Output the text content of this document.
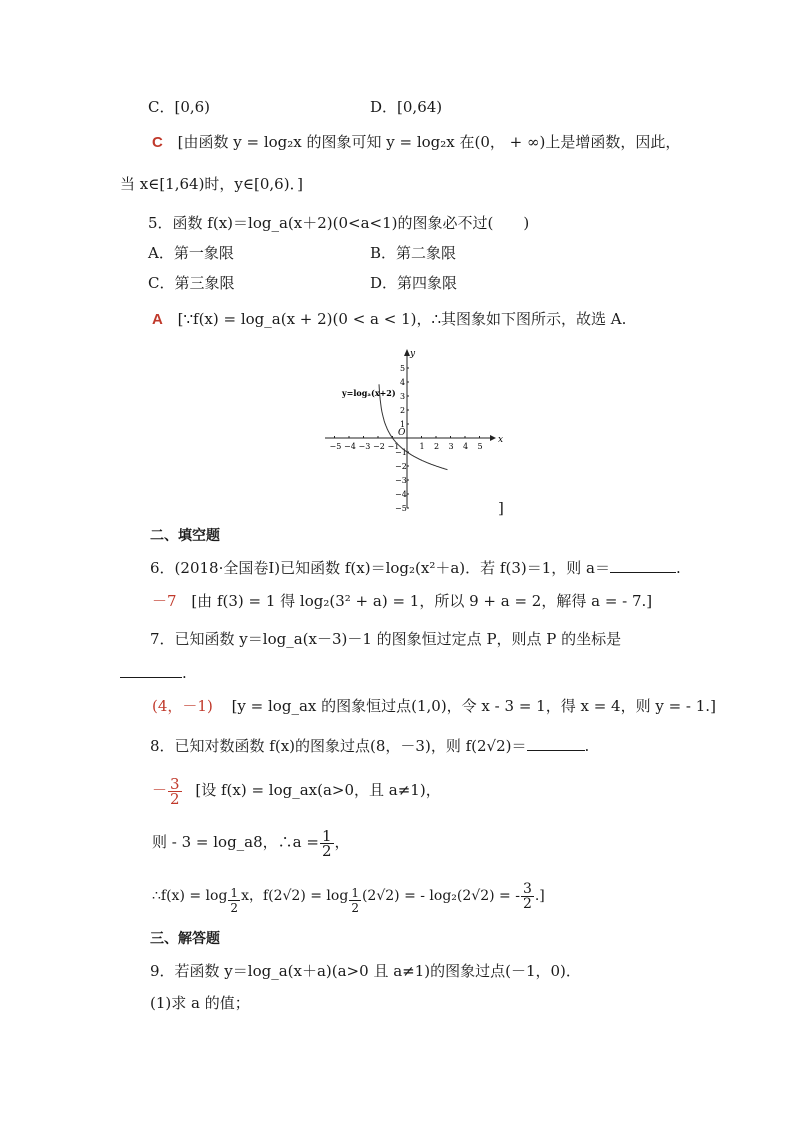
C．[0,6)	D．[0,64)
C [由函数 y = log₂x 的图象可知 y = log₂x 在(0， + ∞)上是增函数，因此，
当 x∈[1,64)时，y∈[0,6)．]
5．函数 f(x)＝log_a(x＋2)(0<a<1)的图象必不过(　　)
A．第一象限	B．第二象限
C．第三象限	D．第四象限
A [∵f(x) = log_a(x + 2)(0 < a < 1)，∴其图象如下图所示，故选 A.
−5 −4 −3 −2 −1	1 2 3 4 5
5
4
3
2
1
−1
−2
−3
−4
−5
x
y
O
y=logₐ(x+2)
]
二、填空题
6．(2018·全国卷Ⅰ)已知函数 f(x)＝log₂(x²＋a)．若 f(3)＝1，则 a＝	.
－7 [由 f(3) = 1 得 log₂(3² + a) = 1，所以 9 + a = 2，解得 a = - 7.]
7．已知函数 y＝log_a(x－3)－1 的图象恒过定点 P，则点 P 的坐标是
.
(4，－1) [y = log_ax 的图象恒过点(1,0)，令 x - 3 = 1，得 x = 4，则 y = - 1.]
8．已知对数函数 f(x)的图象过点(8，－3)，则 f(2√2)＝	.
－ $\frac{3}{2}$ [设 f(x) = log_ax(a>0，且 a≠1)，
则 - 3 = log_a8，∴a = $\frac{1}{2}$ ，
∴f(x) = $\log \frac{1}{2}$ x，$f(2√2) = \log \frac{1}{2} (2√2)$ = - log₂(2√2) = - $\frac{3}{2}$ .]
三、解答题
9．若函数 y＝log_a(x＋a)(a>0 且 a≠1)的图象过点(－1，0)．
(1)求 a 的值；
